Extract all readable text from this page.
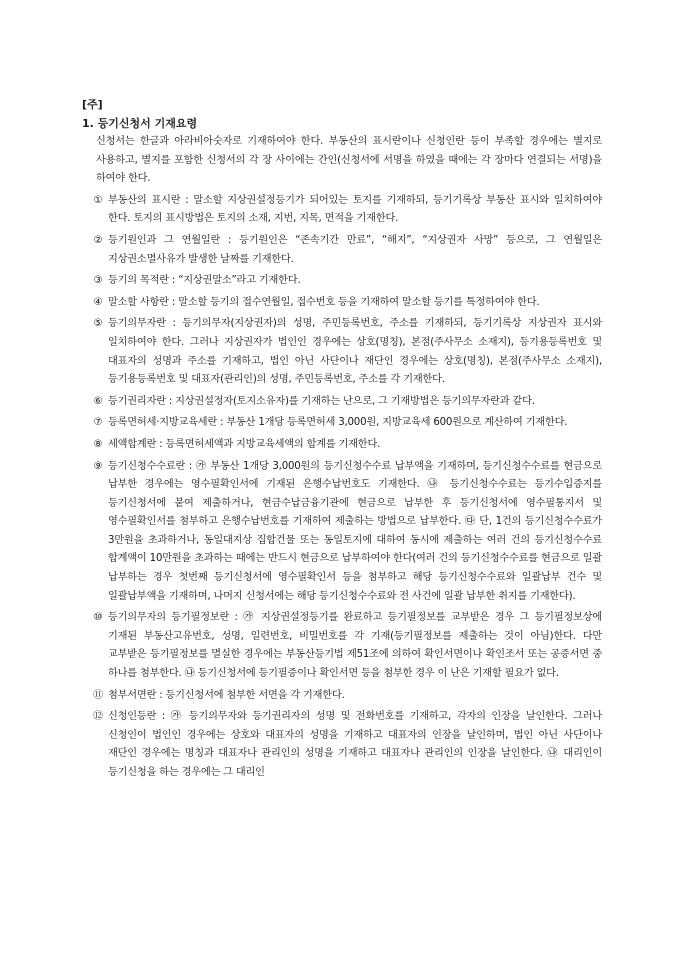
[주]
1. 등기신청서 기재요령

신청서는 한글과 아라비아숫자로 기재하여야 한다. 부동산의 표시란이나 신청인란 등이 부족할 경우에는 별지로 사용하고, 별지를 포함한 신청서의 각 장 사이에는 간인(신청서에 서명을 하였을 때에는 각 장마다 연결되는 서명)을 하여야 한다.

① 부동산의 표시란 : 말소할 지상권설정등기가 되어있는 토지를 기재하되, 등기기록상 부동산 표시와 일치하여야 한다. 토지의 표시방법은 토지의 소재, 지번, 지목, 면적을 기재한다.
② 등기원인과 그 연월일란 : 등기원인은 “존속기간 만료”, “해지”, “지상권자 사망” 등으로, 그 연월일은 지상권소멸사유가 발생한 날짜를 기재한다.
③ 등기의 목적란 : “지상권말소”라고 기재한다.
④ 말소할 사항란 : 말소할 등기의 접수연월일, 접수번호 등을 기재하여 말소할 등기를 특정하여야 한다.
⑤ 등기의무자란 : 등기의무자(지상권자)의 성명, 주민등록번호, 주소를 기재하되, 등기기록상 지상권자 표시와 일치하여야 한다. 그러나 지상권자가 법인인 경우에는 상호(명칭), 본점(주사무소 소재지), 등기용등록번호 및 대표자의 성명과 주소를 기재하고, 법인 아닌 사단이나 재단인 경우에는 상호(명칭), 본점(주사무소 소재지), 등기용등록번호 및 대표자(관리인)의 성명, 주민등록번호, 주소를 각 기재한다.
⑥ 등기권리자란 : 지상권설정자(토지소유자)를 기재하는 난으로, 그 기재방법은 등기의무자란과 같다.
⑦ 등록면허세·지방교육세란 : 부동산 1개당 등록면허세 3,000원, 지방교육세 600원으로 계산하여 기재한다.
⑧ 세액합계란 : 등록면허세액과 지방교육세액의 합계를 기재한다.
⑨ 등기신청수수료란 : ㉮ 부동산 1개당 3,000원의 등기신청수수료 납부액을 기재하며, 등기신청수수료를 현금으로 납부한 경우에는 영수필확인서에 기재된 은행수납번호도 기재한다. ㉯ 등기신청수수료는 등기수입증지를 등기신청서에 붙여 제출하거나, 현금수납금융기관에 현금으로 납부한 후 등기신청서에 영수필통지서 및 영수필확인서를 첨부하고 은행수납번호를 기재하여 제출하는 방법으로 납부한다. ㉰ 단, 1건의 등기신청수수료가 3만원을 초과하거나, 동일대지상 집합건물 또는 동일토지에 대하여 동시에 제출하는 여러 건의 등기신청수수료 합계액이 10만원을 초과하는 때에는 반드시 현금으로 납부하여야 한다(여러 건의 등기신청수수료를 현금으로 일괄 납부하는 경우 첫번째 등기신청서에 영수필확인서 등을 첨부하고 해당 등기신청수수료와 일괄납부 건수 및 일괄납부액을 기재하며, 나머지 신청서에는 해당 등기신청수수료와 전 사건에 일괄 납부한 취지를 기재한다).
⑩ 등기의무자의 등기필정보란 : ㉮ 지상권설정등기를 완료하고 등기필정보를 교부받은 경우 그 등기필정보상에 기재된 부동산고유번호, 성명, 일련번호, 비밀번호를 각 기재(등기필정보를 제출하는 것이 아님)한다. 다만 교부받은 등기필정보를 멸실한 경우에는 부동산등기법 제51조에 의하여 확인서면이나 확인조서 또는 공증서면 중 하나를 첨부한다. ㉯ 등기신청서에 등기필증이나 확인서면 등을 첨부한 경우 이 난은 기재할 필요가 없다.
⑪ 첨부서면란 : 등기신청서에 첨부한 서면을 각 기재한다.
⑫ 신청인등란 : ㉮ 등기의무자와 등기권리자의 성명 및 전화번호를 기재하고, 각자의 인장을 날인한다. 그러나 신청인이 법인인 경우에는 상호와 대표자의 성명을 기재하고 대표자의 인장을 날인하며, 법인 아닌 사단이나 재단인 경우에는 명칭과 대표자나 관리인의 성명을 기재하고 대표자나 관리인의 인장을 날인한다. ㉯ 대리인이 등기신청을 하는 경우에는 그 대리인
